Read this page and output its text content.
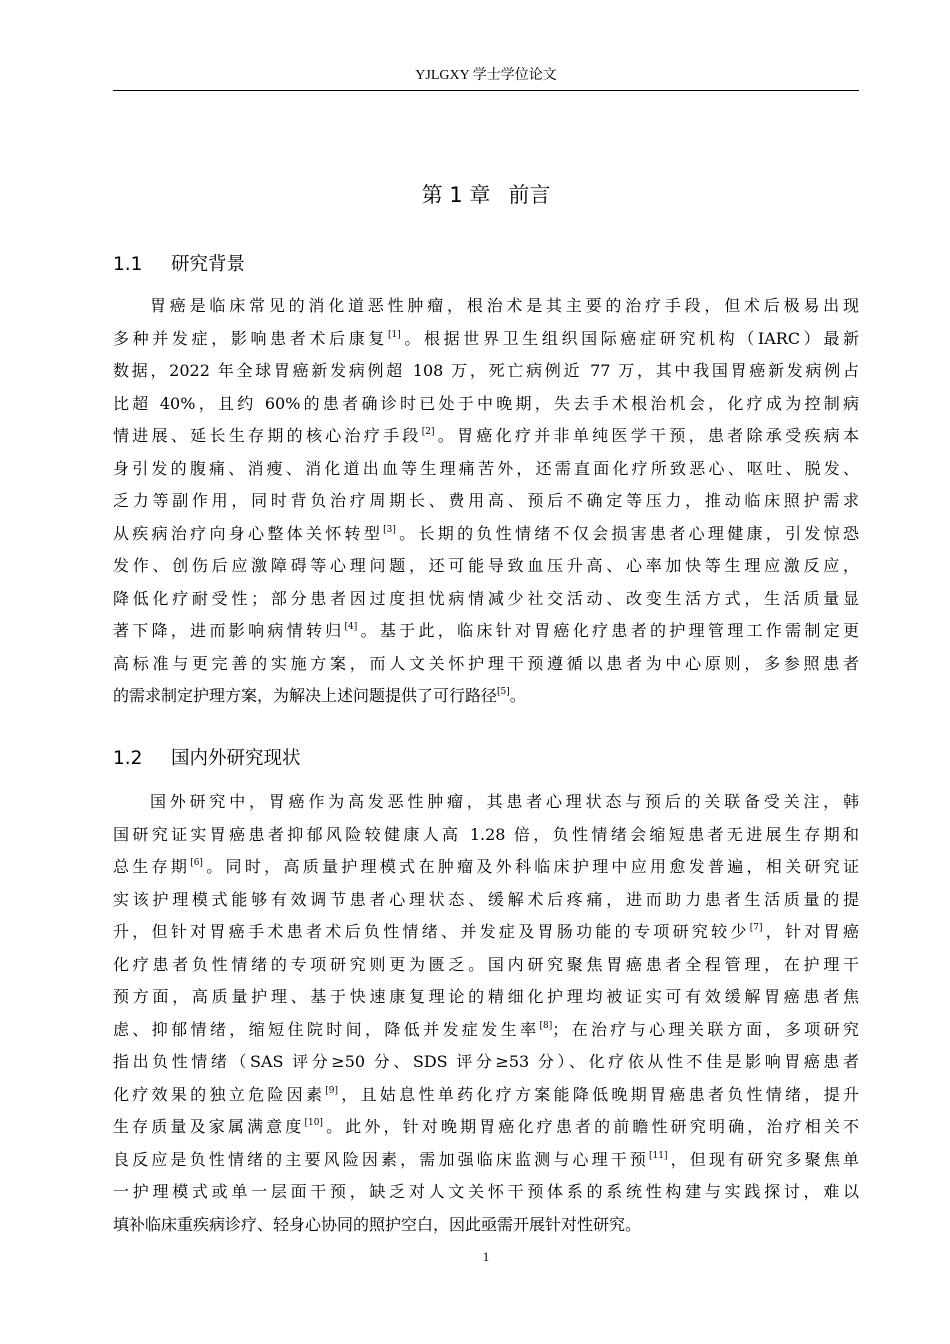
YJLGXY 学士学位论文
第 1 章 前言
1.1 研究背景
胃癌是临床常见的消化道恶性肿瘤，根治术是其主要的治疗手段，但术后极易出现
多种并发症，影响患者术后康复[1]。根据世界卫生组织国际癌症研究机构（IARC）最新
数据，2022 年全球胃癌新发病例超 108 万，死亡病例近 77 万，其中我国胃癌新发病例占
比超 40%，且约 60%的患者确诊时已处于中晚期，失去手术根治机会，化疗成为控制病
情进展、延长生存期的核心治疗手段[2]。胃癌化疗并非单纯医学干预，患者除承受疾病本
身引发的腹痛、消瘦、消化道出血等生理痛苦外，还需直面化疗所致恶心、呕吐、脱发、
乏力等副作用，同时背负治疗周期长、费用高、预后不确定等压力，推动临床照护需求
从疾病治疗向身心整体关怀转型[3]。长期的负性情绪不仅会损害患者心理健康，引发惊恐
发作、创伤后应激障碍等心理问题，还可能导致血压升高、心率加快等生理应激反应，
降低化疗耐受性；部分患者因过度担忧病情减少社交活动、改变生活方式，生活质量显
著下降，进而影响病情转归[4]。基于此，临床针对胃癌化疗患者的护理管理工作需制定更
高标准与更完善的实施方案，而人文关怀护理干预遵循以患者为中心原则，多参照患者
的需求制定护理方案，为解决上述问题提供了可行路径[5]。
1.2 国内外研究现状
国外研究中，胃癌作为高发恶性肿瘤，其患者心理状态与预后的关联备受关注，韩
国研究证实胃癌患者抑郁风险较健康人高 1.28 倍，负性情绪会缩短患者无进展生存期和
总生存期[6]。同时，高质量护理模式在肿瘤及外科临床护理中应用愈发普遍，相关研究证
实该护理模式能够有效调节患者心理状态、缓解术后疼痛，进而助力患者生活质量的提
升，但针对胃癌手术患者术后负性情绪、并发症及胃肠功能的专项研究较少[7]，针对胃癌
化疗患者负性情绪的专项研究则更为匮乏。国内研究聚焦胃癌患者全程管理，在护理干
预方面，高质量护理、基于快速康复理论的精细化护理均被证实可有效缓解胃癌患者焦
虑、抑郁情绪，缩短住院时间，降低并发症发生率[8]；在治疗与心理关联方面，多项研究
指出负性情绪（SAS 评分≥50 分、SDS 评分≥53 分）、化疗依从性不佳是影响胃癌患者
化疗效果的独立危险因素[9]，且姑息性单药化疗方案能降低晚期胃癌患者负性情绪，提升
生存质量及家属满意度[10]。此外，针对晚期胃癌化疗患者的前瞻性研究明确，治疗相关不
良反应是负性情绪的主要风险因素，需加强临床监测与心理干预[11]，但现有研究多聚焦单
一护理模式或单一层面干预，缺乏对人文关怀干预体系的系统性构建与实践探讨，难以
填补临床重疾病诊疗、轻身心协同的照护空白，因此亟需开展针对性研究。
1
